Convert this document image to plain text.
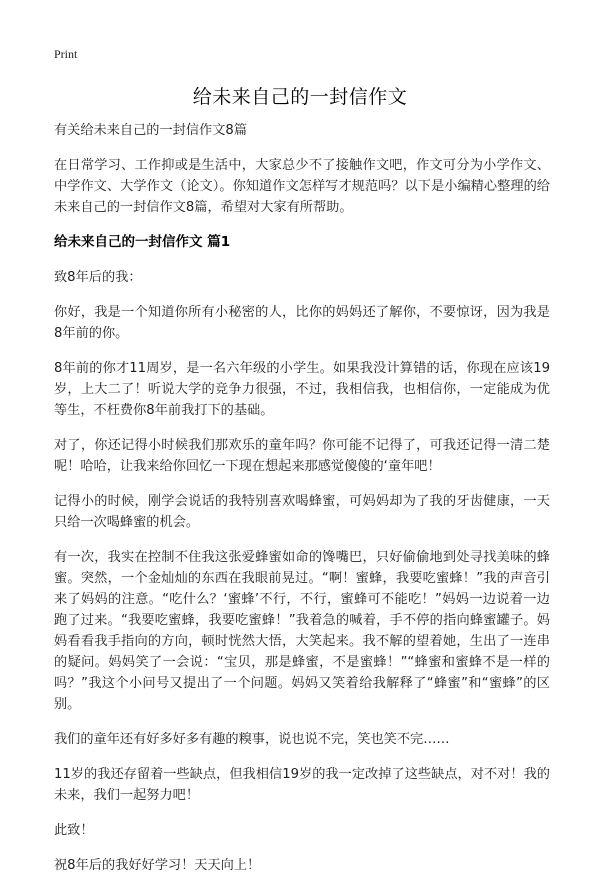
Print
给未来自己的一封信作文

有关给未来自己的一封信作文8篇

在日常学习、工作抑或是生活中，大家总少不了接触作文吧，作文可分为小学作文、中学作文、大学作文（论文）。你知道作文怎样写才规范吗？以下是小编精心整理的给未来自己的一封信作文8篇，希望对大家有所帮助。

给未来自己的一封信作文 篇1

致8年后的我：

你好，我是一个知道你所有小秘密的人，比你的妈妈还了解你，不要惊讶，因为我是8年前的你。

8年前的你才11周岁，是一名六年级的小学生。如果我没计算错的话，你现在应该19岁，上大二了！听说大学的竞争力很强，不过，我相信我，也相信你，一定能成为优等生，不枉费你8年前我打下的基础。

对了，你还记得小时候我们那欢乐的童年吗？你可能不记得了，可我还记得一清二楚呢！哈哈，让我来给你回忆一下现在想起来那感觉傻傻的‘童年吧！

记得小的时候，刚学会说话的我特别喜欢喝蜂蜜，可妈妈却为了我的牙齿健康，一天只给一次喝蜂蜜的机会。

有一次，我实在控制不住我这张爱蜂蜜如命的馋嘴巴，只好偷偷地到处寻找美味的蜂蜜。突然，一个金灿灿的东西在我眼前晃过。“啊！蜜蜂，我要吃蜜蜂！”我的声音引来了妈妈的注意。“吃什么？‘蜜蜂’不行，不行，蜜蜂可不能吃！”妈妈一边说着一边跑了过来。“我要吃蜜蜂，我要吃蜜蜂！”我着急的喊着，手不停的指向蜂蜜罐子。妈妈看看我手指向的方向，顿时恍然大悟，大笑起来。我不解的望着她，生出了一连串的疑问。妈妈笑了一会说：“宝贝，那是蜂蜜，不是蜜蜂！”“蜂蜜和蜜蜂不是一样的吗？”我这个小问号又提出了一个问题。妈妈又笑着给我解释了“蜂蜜”和“蜜蜂”的区别。

我们的童年还有好多好多有趣的糗事，说也说不完，笑也笑不完……

11岁的我还存留着一些缺点，但我相信19岁的我一定改掉了这些缺点，对不对！我的未来，我们一起努力吧！

此致！

祝8年后的我好好学习！天天向上！
